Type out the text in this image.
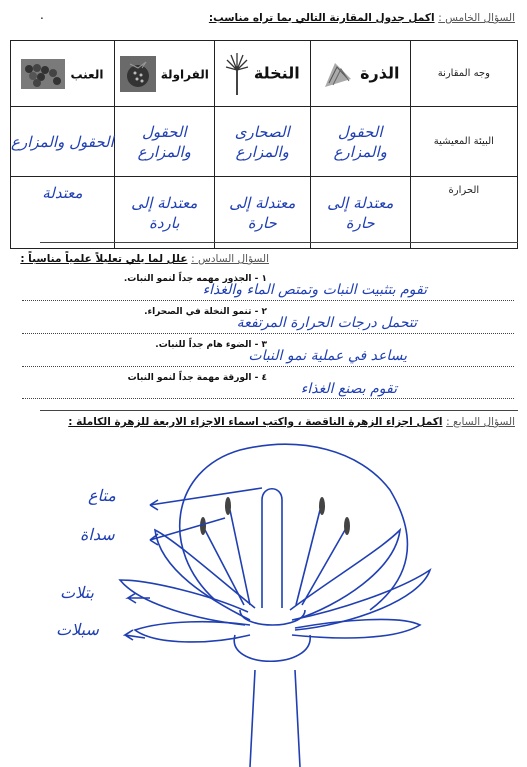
.	السؤال الخامس : اكمل جدول المقارنة التالي بما تراه مناسب:
وجه المقارنة	الذرة	النخلة	الفراولة	العنب
البيئة المعيشية	الحقول والمزارع	الصحارى والمزارع	الحقول والمزارع	الحقول والمزارع
الحرارة	معتدلة إلى حارة	معتدلة إلى حارة	معتدلة إلى باردة	معتدلة
السؤال السادس : علل لما يلي تعليلاً علمياً مناسباً :
١ - الجذور مهمه جداً لنمو النبات.
تقوم بتثبيت النبات وتمتص الماء والغذاء
٢ - تنمو النخلة في الصحراء.
تتحمل درجات الحرارة المرتفعة
٣ - الضوء هام جداً للنبات.
يساعد في عملية نمو النبات
٤ - الورقة مهمة جداً لنمو النبات
تقوم بصنع الغذاء
السؤال السابع : اكمل اجزاء الزهرة الناقصة ، واكتب اسماء الاجزاء الاربعة للزهرة الكاملة :
متاع
سداة
بتلات
سبلات
